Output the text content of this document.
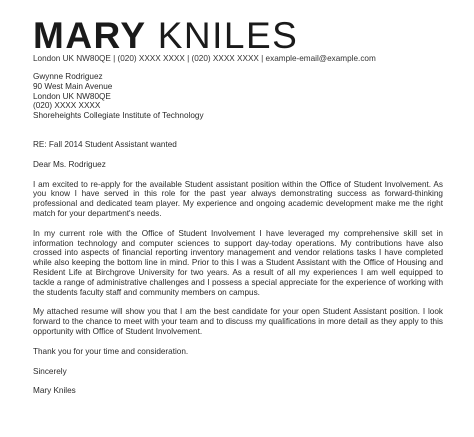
MARY KNILES
London UK NW80QE | (020) XXXX XXXX | (020) XXXX XXXX | example-email@example.com

Gwynne Rodriguez

90 West Main Avenue

London UK NW80QE

(020) XXXX XXXX

Shoreheights Collegiate Institute of Technology

RE: Fall 2014 Student Assistant wanted

Dear Ms. Rodriguez

I am excited to re-apply for the available Student assistant position within the Office of Student Involvement. As you know I have served in this role for the past year always demonstrating success as forward-thinking professional and dedicated team player. My experience and ongoing academic development make me the right match for your department's needs.

In my current role with the Office of Student Involvement I have leveraged my comprehensive skill set in information technology and computer sciences to support day-today operations. My contributions have also crossed into aspects of financial reporting inventory management and vendor relations tasks I have completed while also keeping the bottom line in mind. Prior to this I was a Student Assistant with the Office of Housing and Resident Life at Birchgrove University for two years. As a result of all my experiences I am well equipped to tackle a range of administrative challenges and I possess a special appreciate for the experience of working with the students faculty staff and community members on campus.

My attached resume will show you that I am the best candidate for your open Student Assistant position. I look forward to the chance to meet with your team and to discuss my qualifications in more detail as they apply to this opportunity with Office of Student Involvement.

Thank you for your time and consideration.

Sincerely

Mary Kniles
